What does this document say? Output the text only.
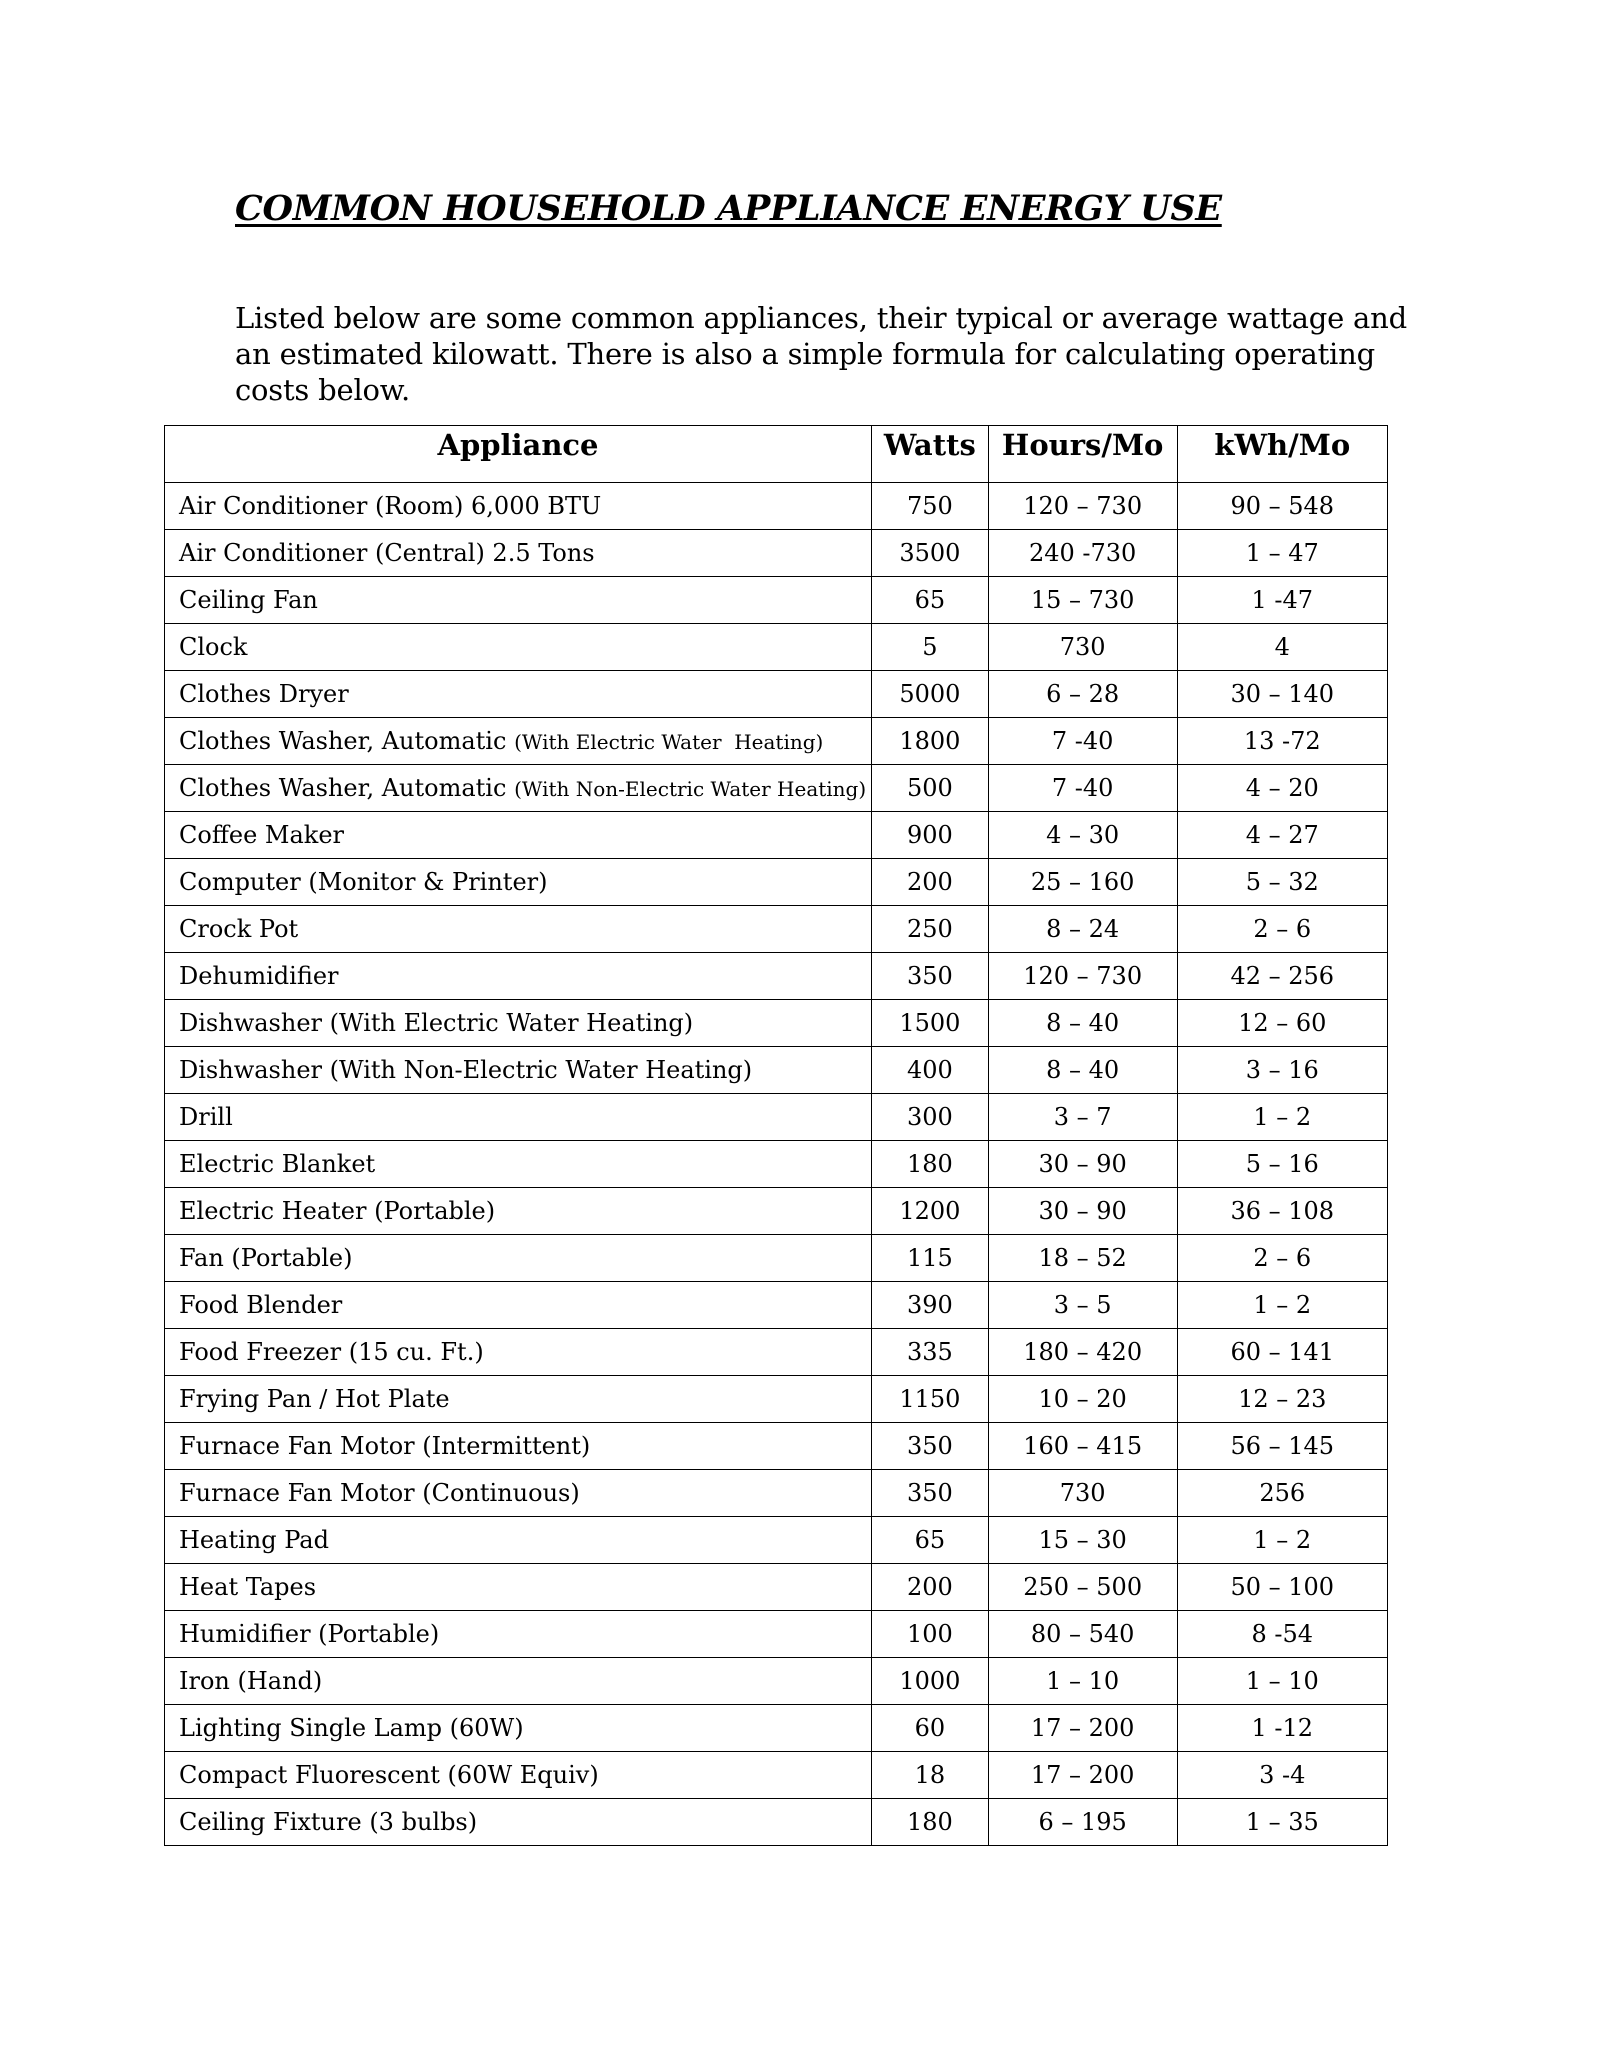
COMMON HOUSEHOLD APPLIANCE ENERGY USE
Listed below are some common appliances, their typical or average wattage and an estimated kilowatt. There is also a simple formula for calculating operating costs below.
Appliance	Watts	Hours/Mo	kWh/Mo
Air Conditioner (Room) 6,000 BTU	750	120 – 730	90 – 548
Air Conditioner (Central) 2.5 Tons	3500	240 -730	1 – 47
Ceiling Fan	65	15 – 730	1 -47
Clock	5	730	4
Clothes Dryer	5000	6 – 28	30 – 140
Clothes Washer, Automatic (With Electric Water  Heating)	1800	7 -40	13 -72
Clothes Washer, Automatic (With Non-Electric Water Heating)	500	7 -40	4 – 20
Coffee Maker	900	4 – 30	4 – 27
Computer (Monitor & Printer)	200	25 – 160	5 – 32
Crock Pot	250	8 – 24	2 – 6
Dehumidifier	350	120 – 730	42 – 256
Dishwasher (With Electric Water Heating)	1500	8 – 40	12 – 60
Dishwasher (With Non-Electric Water Heating)	400	8 – 40	3 – 16
Drill	300	3 – 7	1 – 2
Electric Blanket	180	30 – 90	5 – 16
Electric Heater (Portable)	1200	30 – 90	36 – 108
Fan (Portable)	115	18 – 52	2 – 6
Food Blender	390	3 – 5	1 – 2
Food Freezer (15 cu. Ft.)	335	180 – 420	60 – 141
Frying Pan / Hot Plate	1150	10 – 20	12 – 23
Furnace Fan Motor (Intermittent)	350	160 – 415	56 – 145
Furnace Fan Motor (Continuous)	350	730	256
Heating Pad	65	15 – 30	1 – 2
Heat Tapes	200	250 – 500	50 – 100
Humidifier (Portable)	100	80 – 540	8 -54
Iron (Hand)	1000	1 – 10	1 – 10
Lighting Single Lamp (60W)	60	17 – 200	1 -12
Compact Fluorescent (60W Equiv)	18	17 – 200	3 -4
Ceiling Fixture (3 bulbs)	180	6 – 195	1 – 35
